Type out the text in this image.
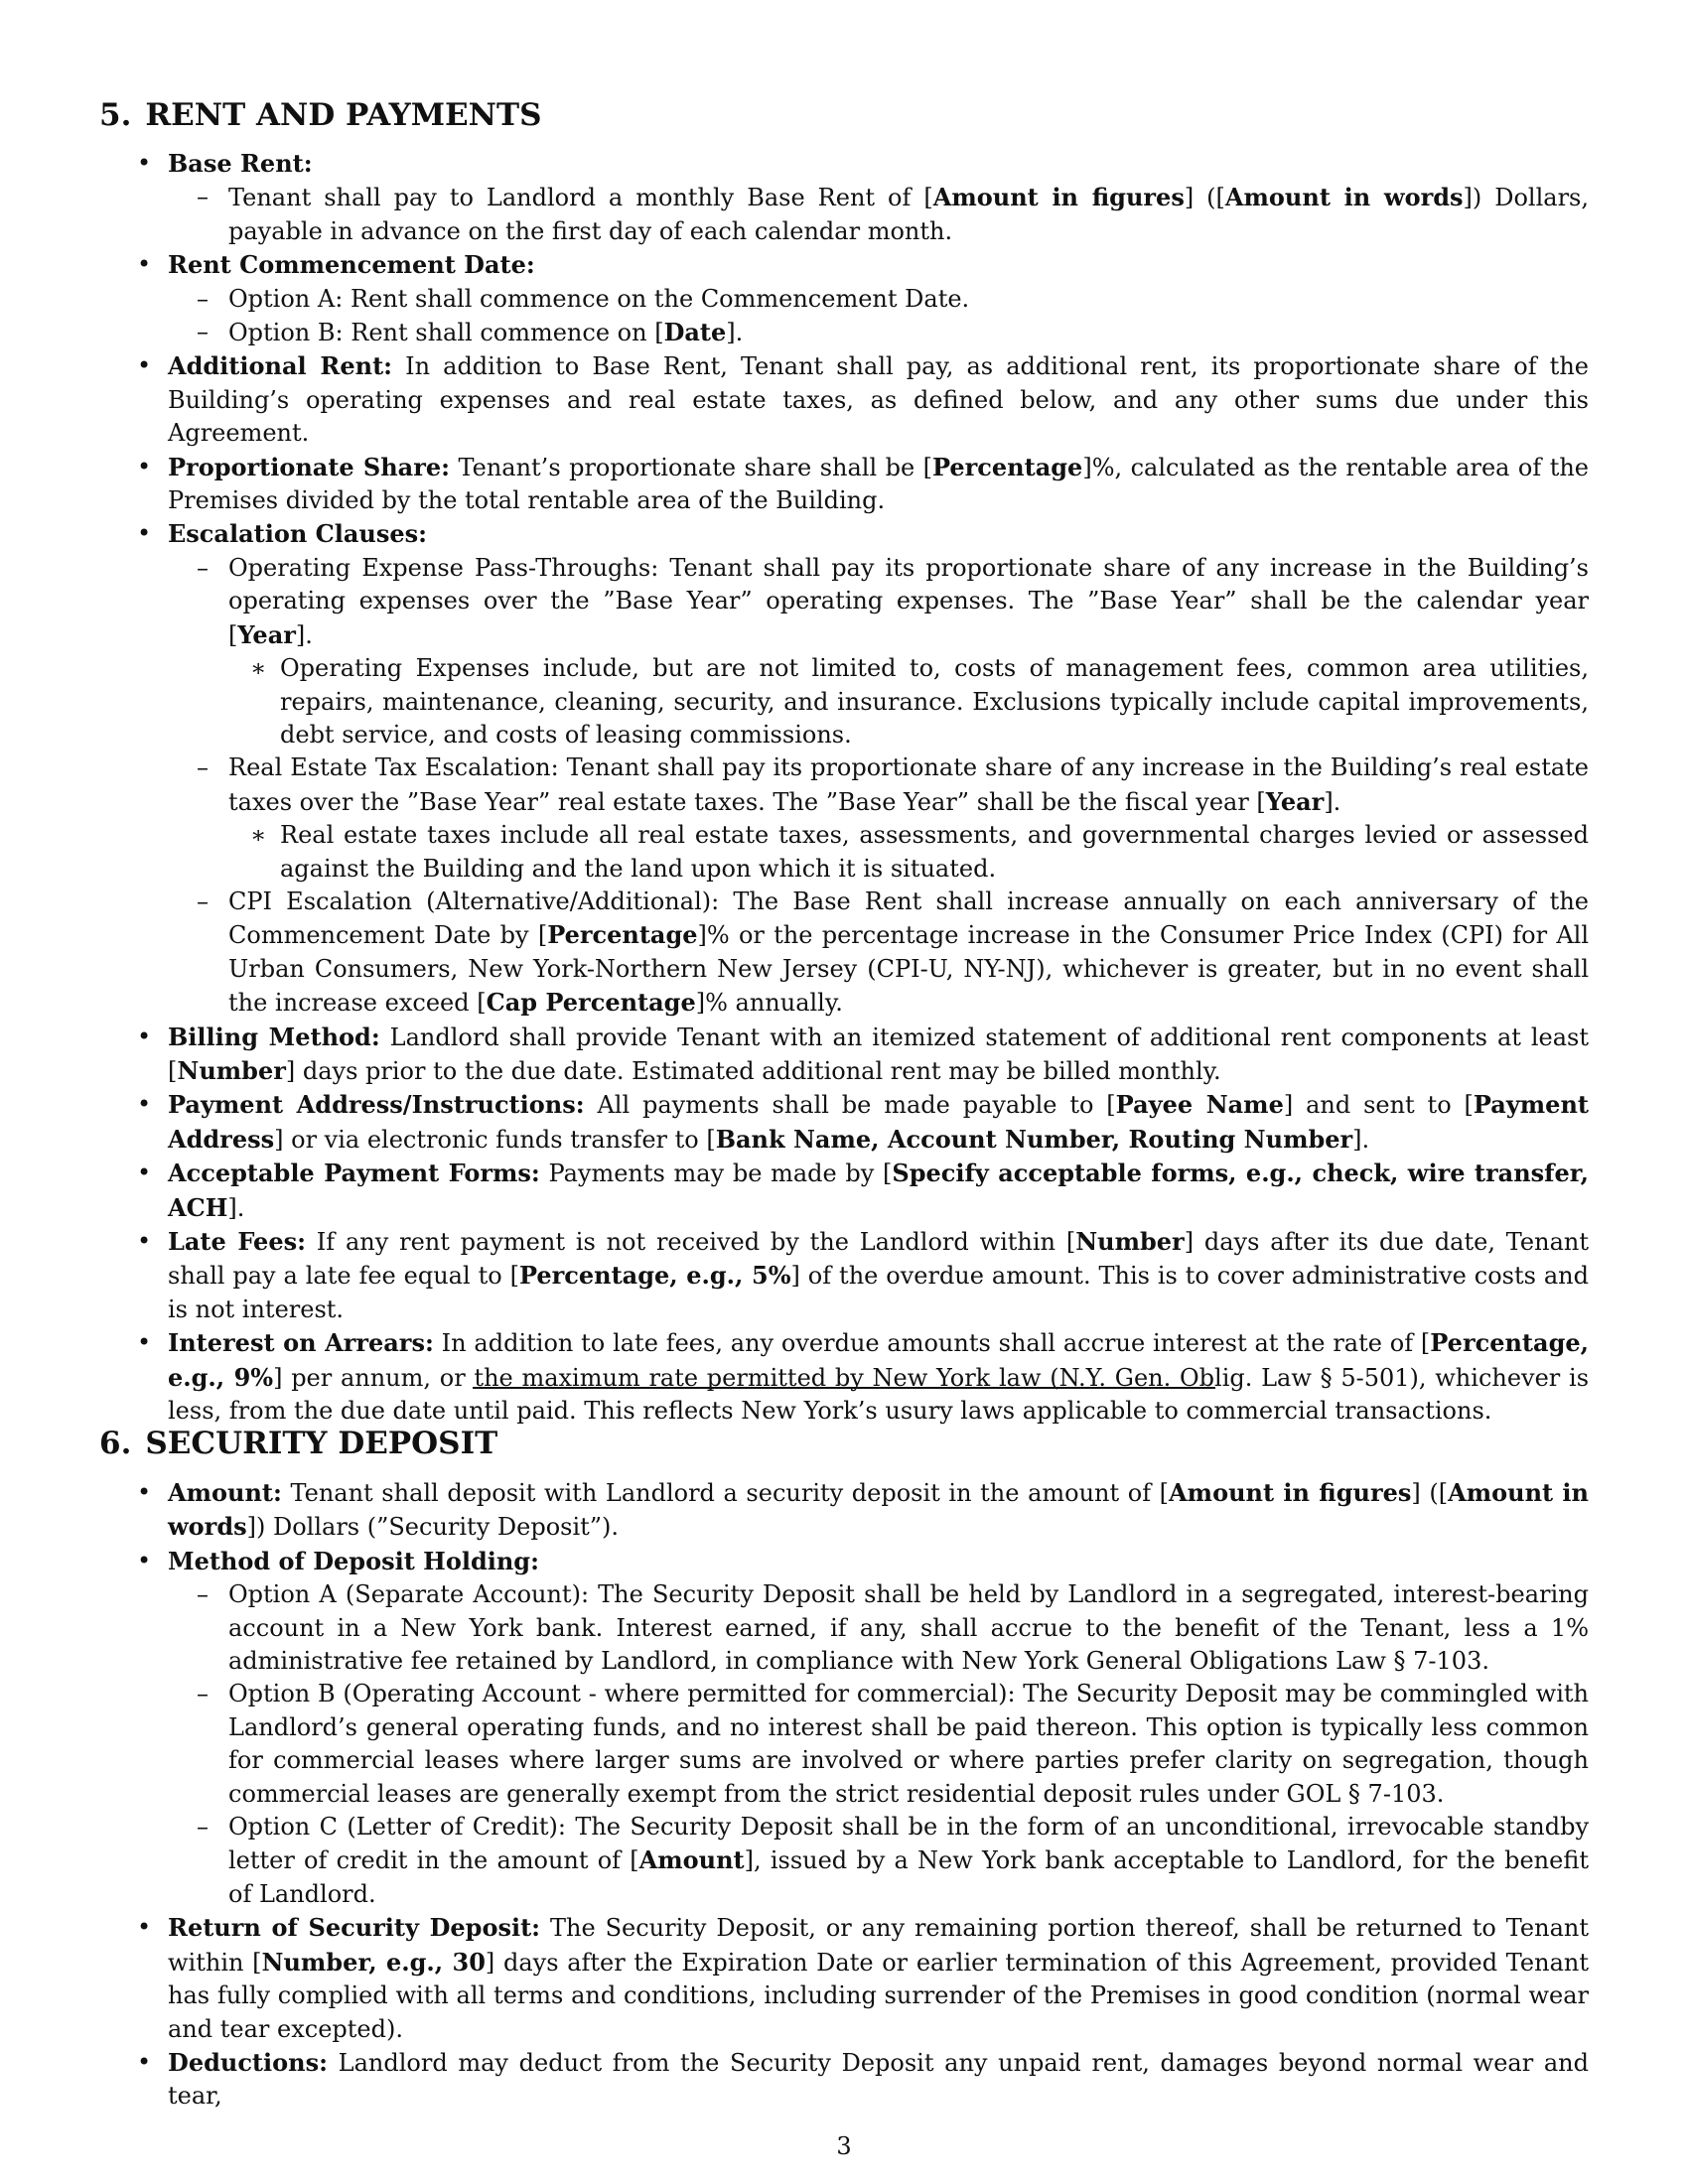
5. RENT AND PAYMENTS
• Base Rent:
– Tenant shall pay to Landlord a monthly Base Rent of [Amount in figures] ([Amount in words]) Dollars, payable in advance on the first day of each calendar month.
• Rent Commencement Date:
– Option A: Rent shall commence on the Commencement Date.
– Option B: Rent shall commence on [Date].
• Additional Rent: In addition to Base Rent, Tenant shall pay, as additional rent, its proportionate share of the Building’s operating expenses and real estate taxes, as defined below, and any other sums due under this Agreement.
• Proportionate Share: Tenant’s proportionate share shall be [Percentage]%, calculated as the rentable area of the Premises divided by the total rentable area of the Building.
• Escalation Clauses:
– Operating Expense Pass-Throughs: Tenant shall pay its proportionate share of any increase in the Building’s operating expenses over the ”Base Year” operating expenses. The ”Base Year” shall be the calendar year [Year].
∗ Operating Expenses include, but are not limited to, costs of management fees, common area utilities, repairs, maintenance, cleaning, security, and insurance. Exclusions typically include capital improvements, debt service, and costs of leasing commissions.
– Real Estate Tax Escalation: Tenant shall pay its proportionate share of any increase in the Building’s real estate taxes over the ”Base Year” real estate taxes. The ”Base Year” shall be the fiscal year [Year].
∗ Real estate taxes include all real estate taxes, assessments, and governmental charges levied or assessed against the Building and the land upon which it is situated.
– CPI Escalation (Alternative/Additional): The Base Rent shall increase annually on each anniversary of the Commencement Date by [Percentage]% or the percentage increase in the Consumer Price Index (CPI) for All Urban Consumers, New York-Northern New Jersey (CPI-U, NY-NJ), whichever is greater, but in no event shall the increase exceed [Cap Percentage]% annually.
• Billing Method: Landlord shall provide Tenant with an itemized statement of additional rent components at least [Number] days prior to the due date. Estimated additional rent may be billed monthly.
• Payment Address/Instructions: All payments shall be made payable to [Payee Name] and sent to [Payment Address] or via electronic funds transfer to [Bank Name, Account Number, Routing Number].
• Acceptable Payment Forms: Payments may be made by [Specify acceptable forms, e.g., check, wire transfer, ACH].
• Late Fees: If any rent payment is not received by the Landlord within [Number] days after its due date, Tenant shall pay a late fee equal to [Percentage, e.g., 5%] of the overdue amount. This is to cover administrative costs and is not interest.
• Interest on Arrears: In addition to late fees, any overdue amounts shall accrue interest at the rate of [Percentage, e.g., 9%] per annum, or the maximum rate permitted by New York law (N.Y. Gen. Oblig. Law § 5-501), whichever is less, from the due date until paid. This reflects New York’s usury laws applicable to commercial transactions.
6. SECURITY DEPOSIT
• Amount: Tenant shall deposit with Landlord a security deposit in the amount of [Amount in figures] ([Amount in words]) Dollars (”Security Deposit”).
• Method of Deposit Holding:
– Option A (Separate Account): The Security Deposit shall be held by Landlord in a segregated, interest-bearing account in a New York bank. Interest earned, if any, shall accrue to the benefit of the Tenant, less a 1% administrative fee retained by Landlord, in compliance with New York General Obligations Law § 7-103.
– Option B (Operating Account - where permitted for commercial): The Security Deposit may be commingled with Landlord’s general operating funds, and no interest shall be paid thereon. This option is typically less common for commercial leases where larger sums are involved or where parties prefer clarity on segregation, though commercial leases are generally exempt from the strict residential deposit rules under GOL § 7-103.
– Option C (Letter of Credit): The Security Deposit shall be in the form of an unconditional, irrevocable standby letter of credit in the amount of [Amount], issued by a New York bank acceptable to Landlord, for the benefit of Landlord.
• Return of Security Deposit: The Security Deposit, or any remaining portion thereof, shall be returned to Tenant within [Number, e.g., 30] days after the Expiration Date or earlier termination of this Agreement, provided Tenant has fully complied with all terms and conditions, including surrender of the Premises in good condition (normal wear and tear excepted).
• Deductions: Landlord may deduct from the Security Deposit any unpaid rent, damages beyond normal wear and tear,
3
